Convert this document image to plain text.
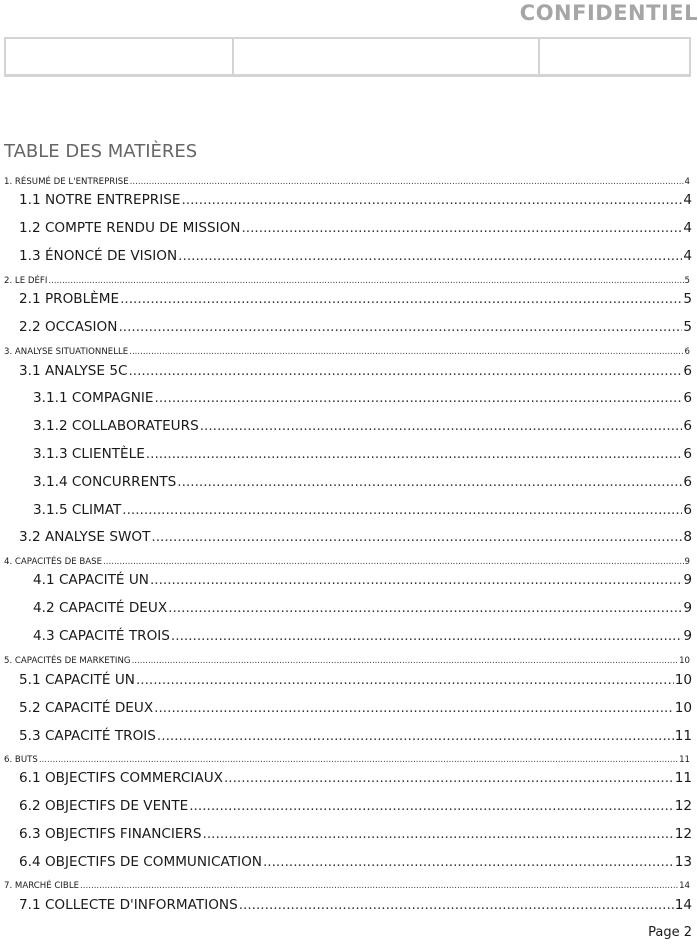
CONFIDENTIEL
TABLE DES MATIÈRES
1. RÉSUMÉ DE L'ENTREPRISE .....	4
1.1 NOTRE ENTREPRISE .....	4
1.2 COMPTE RENDU DE MISSION .....	4
1.3 ÉNONCÉ DE VISION .....	4
2. LE DÉFI .....	5
2.1 PROBLÈME .....	5
2.2 OCCASION .....	5
3. ANALYSE SITUATIONNELLE .....	6
3.1 ANALYSE 5C .....	6
3.1.1 COMPAGNIE .....	6
3.1.2 COLLABORATEURS .....	6
3.1.3 CLIENTÈLE .....	6
3.1.4 CONCURRENTS .....	6
3.1.5 CLIMAT .....	6
3.2 ANALYSE SWOT .....	8
4. CAPACITÉS DE BASE .....	9
4.1 CAPACITÉ UN .....	9
4.2 CAPACITÉ DEUX .....	9
4.3 CAPACITÉ TROIS .....	9
5. CAPACITÉS DE MARKETING .....	10
5.1 CAPACITÉ UN .....	10
5.2 CAPACITÉ DEUX .....	10
5.3 CAPACITÉ TROIS .....	11
6. BUTS .....	11
6.1 OBJECTIFS COMMERCIAUX .....	11
6.2 OBJECTIFS DE VENTE .....	12
6.3 OBJECTIFS FINANCIERS .....	12
6.4 OBJECTIFS DE COMMUNICATION .....	13
7. MARCHÉ CIBLE .....	14
7.1 COLLECTE D'INFORMATIONS .....	14
Page 2
